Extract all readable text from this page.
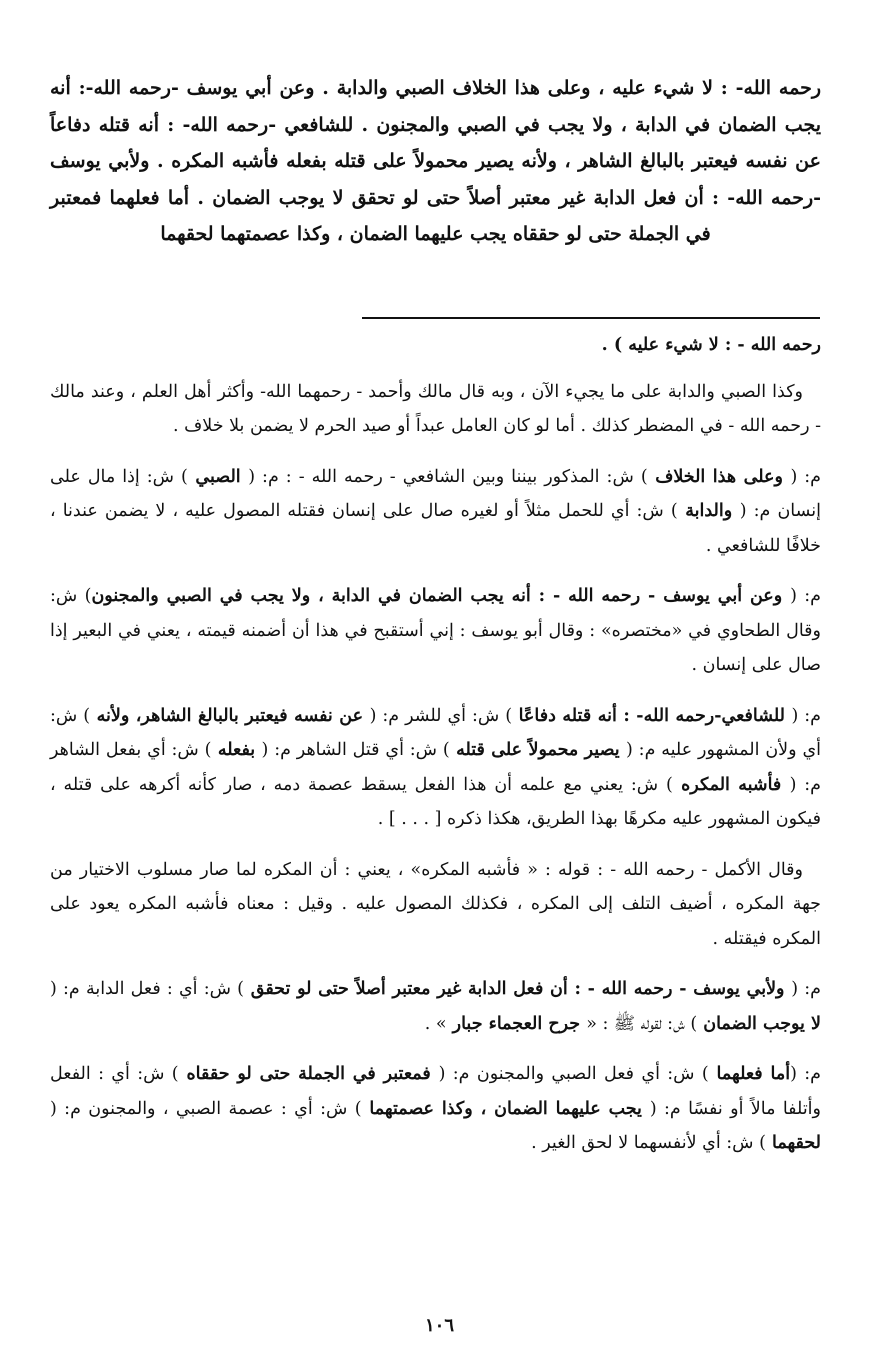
رحمه الله- : لا شيء عليه ، وعلى هذا الخلاف الصبي والدابة . وعن أبي يوسف -رحمه الله-: أنه يجب الضمان في الدابة ، ولا يجب في الصبي والمجنون . للشافعي -رحمه الله- : أنه قتله دفاعاً عن نفسه فيعتبر بالبالغ الشاهر ، ولأنه يصير محمولاً على قتله بفعله فأشبه المكره . ولأبي يوسف -رحمه الله- : أن فعل الدابة غير معتبر أصلاً حتى لو تحقق لا يوجب الضمان . أما فعلهما فمعتبر في الجملة حتى لو حققاه يجب عليهما الضمان ، وكذا عصمتهما لحقهما

رحمه الله - : لا شيء عليه ) .

وكذا الصبي والدابة على ما يجيء الآن ، وبه قال مالك وأحمد - رحمهما الله- وأكثر أهل العلم ، وعند مالك - رحمه الله - في المضطر كذلك . أما لو كان العامل عبداً أو صيد الحرم لا يضمن بلا خلاف .

م: ( وعلى هذا الخلاف ) ش: المذكور بيننا وبين الشافعي - رحمه الله - : م: ( الصبي ) ش: إذا مال على إنسان م: ( والدابة ) ش: أي للحمل مثلاً أو لغيره صال على إنسان فقتله المصول عليه ، لا يضمن عندنا ، خلافًا للشافعي .

م: ( وعن أبي يوسف - رحمه الله - : أنه يجب الضمان في الدابة ، ولا يجب في الصبي والمجنون) ش: وقال الطحاوي في «مختصره» : وقال أبو يوسف : إني أستقبح في هذا أن أضمنه قيمته ، يعني في البعير إذا صال على إنسان .

م: ( للشافعي-رحمه الله- : أنه قتله دفاعًا ) ش: أي للشر م: ( عن نفسه فيعتبر بالبالغ الشاهر، ولأنه ) ش: أي ولأن المشهور عليه م: ( يصير محمولاً على قتله ) ش: أي قتل الشاهر م: ( بفعله ) ش: أي بفعل الشاهر م: ( فأشبه المكره ) ش: يعني مع علمه أن هذا الفعل يسقط عصمة دمه ، صار كأنه أكرهه على قتله ، فيكون المشهور عليه مكرهًا بهذا الطريق، هكذا ذكره [ . . . ] .

وقال الأكمل - رحمه الله - : قوله : « فأشبه المكره» ، يعني : أن المكره لما صار مسلوب الاختيار من جهة المكره ، أضيف التلف إلى المكره ، فكذلك المصول عليه . وقيل : معناه فأشبه المكره يعود على المكره فيقتله .

م: ( ولأبي يوسف - رحمه الله - : أن فعل الدابة غير معتبر أصلاً حتى لو تحقق ) ش: أي : فعل الدابة م: ( لا يوجب الضمان ) ش: لقوله ﷺ : « جرح العجماء جبار » .

م: (أما فعلهما ) ش: أي فعل الصبي والمجنون م: ( فمعتبر في الجملة حتى لو حققاه ) ش: أي : الفعل وأتلفا مالاً أو نفسًا م: ( يجب عليهما الضمان ، وكذا عصمتهما ) ش: أي : عصمة الصبي ، والمجنون م: ( لحقهما ) ش: أي لأنفسهما لا لحق الغير .

١٠٦
